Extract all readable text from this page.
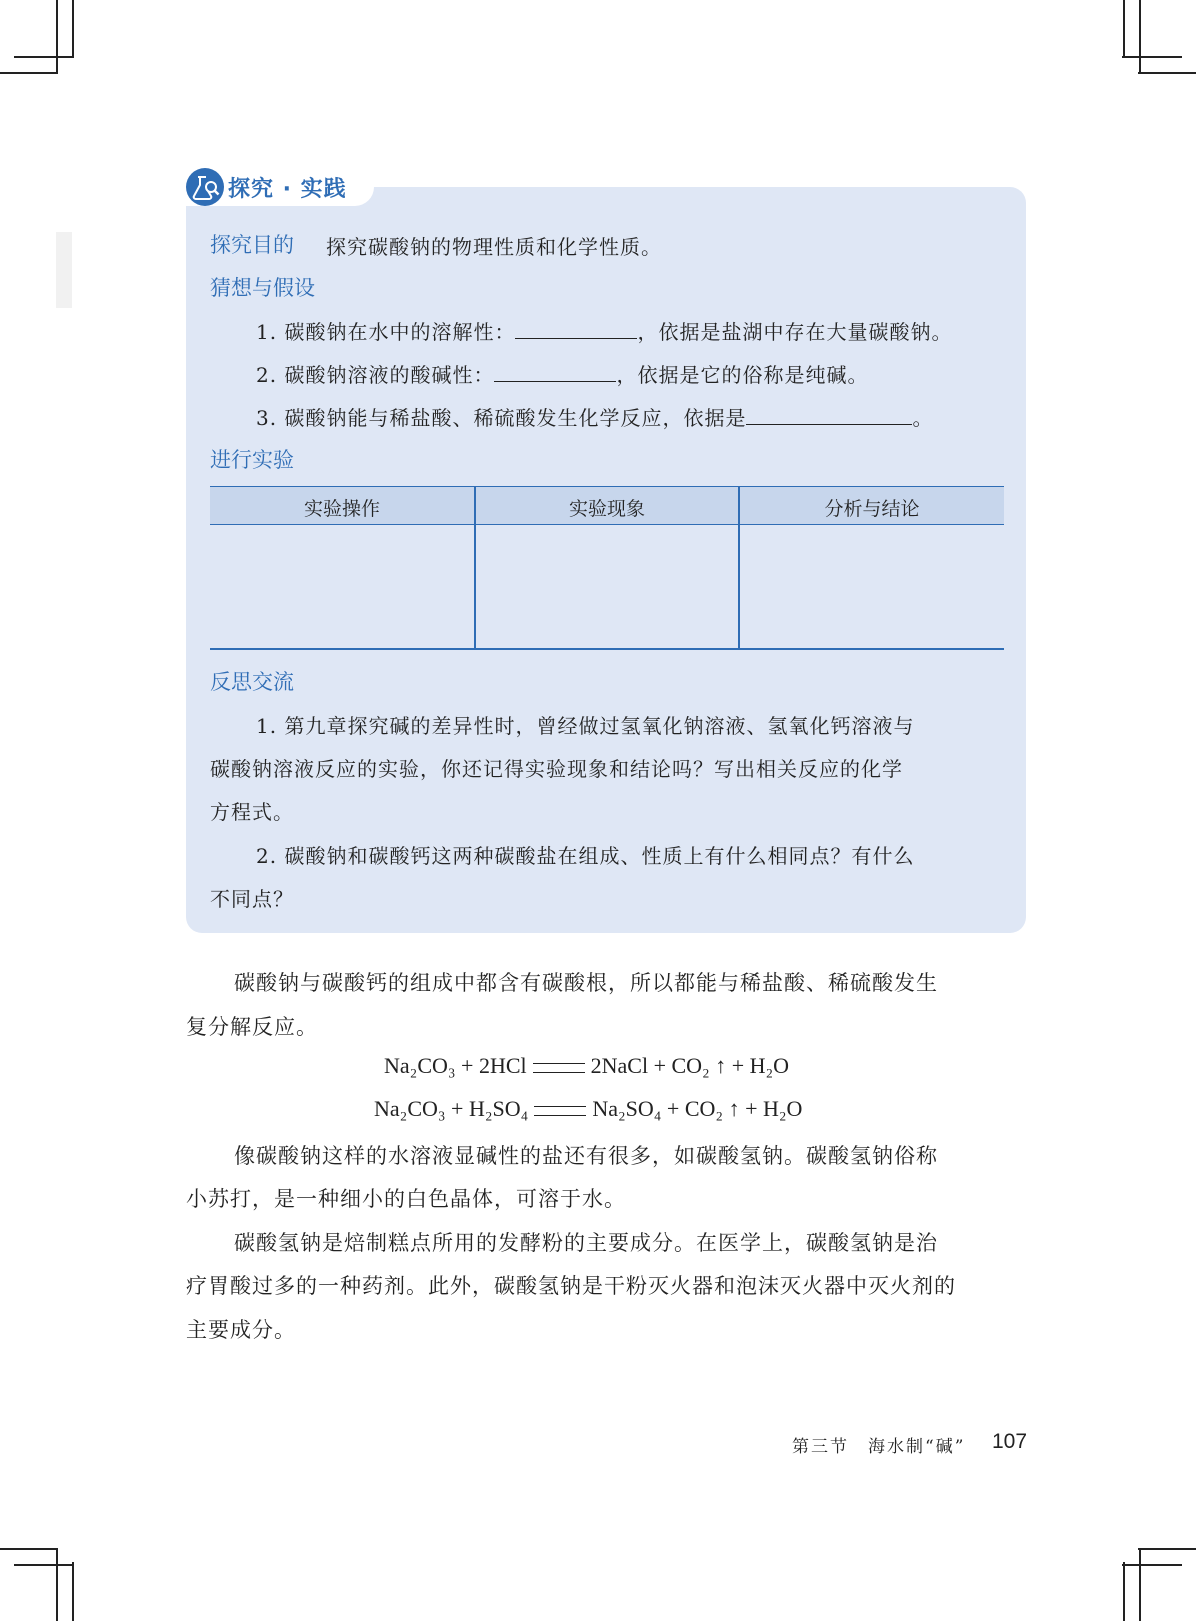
探究 · 实践
探究目的 探究碳酸钠的物理性质和化学性质。
猜想与假设
1. 碳酸钠在水中的溶解性：	，依据是盐湖中存在大量碳酸钠。
2. 碳酸钠溶液的酸碱性：	，依据是它的俗称是纯碱。
3. 碳酸钠能与稀盐酸、稀硫酸发生化学反应，依据是	。
进行实验
实验操作	实验现象	分析与结论
反思交流
1. 第九章探究碱的差异性时，曾经做过氢氧化钠溶液、氢氧化钙溶液与
碳酸钠溶液反应的实验，你还记得实验现象和结论吗？写出相关反应的化学
方程式。
2. 碳酸钠和碳酸钙这两种碳酸盐在组成、性质上有什么相同点？有什么
不同点？
碳酸钠与碳酸钙的组成中都含有碳酸根，所以都能与稀盐酸、稀硫酸发生
复分解反应。
Na₂CO₃ + 2HCl	2NaCl + CO₂ ↑ + H₂O
Na₂CO₃ + H₂SO₄	Na₂SO₄ + CO₂ ↑ + H₂O
像碳酸钠这样的水溶液显碱性的盐还有很多，如碳酸氢钠。碳酸氢钠俗称
小苏打，是一种细小的白色晶体，可溶于水。
碳酸氢钠是焙制糕点所用的发酵粉的主要成分。在医学上，碳酸氢钠是治
疗胃酸过多的一种药剂。此外，碳酸氢钠是干粉灭火器和泡沫灭火器中灭火剂的
主要成分。
第三节　海水制“碱” 107
